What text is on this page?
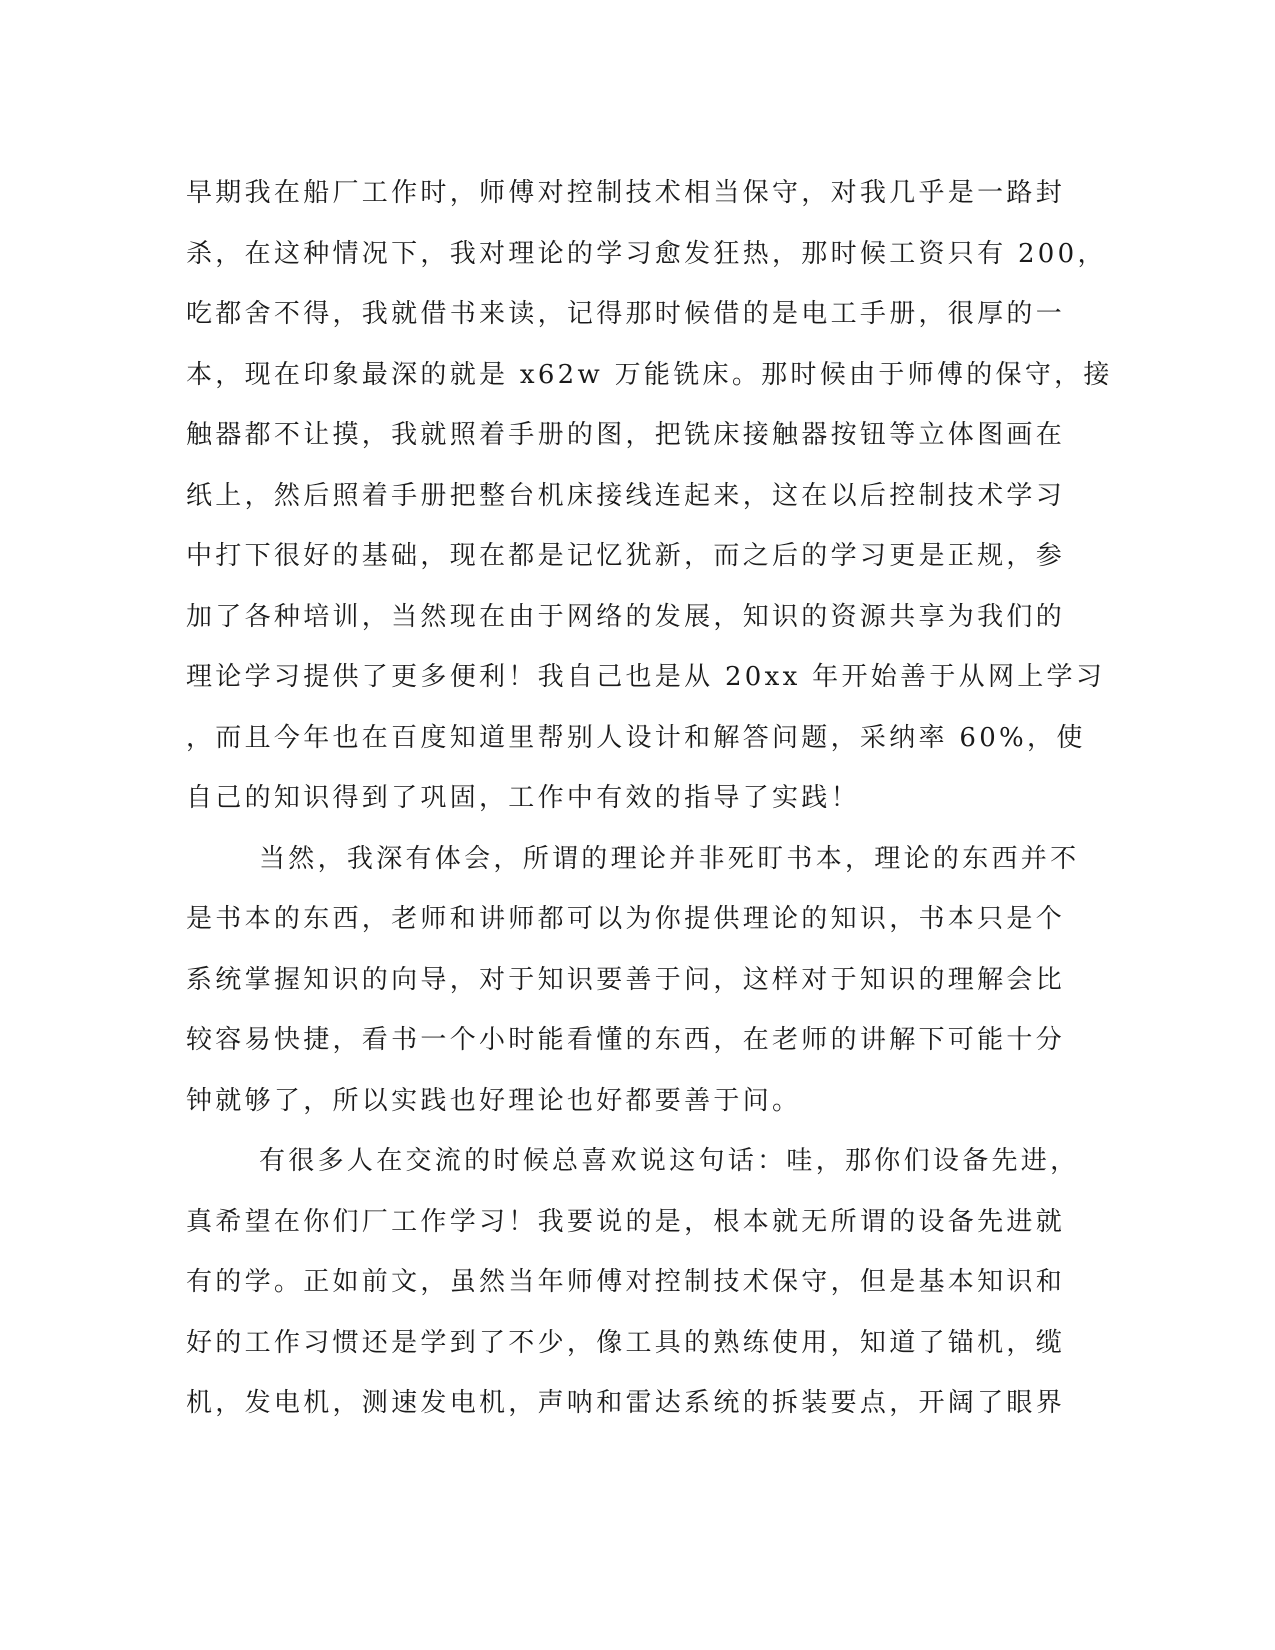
早期我在船厂工作时，师傅对控制技术相当保守，对我几乎是一路封
杀，在这种情况下，我对理论的学习愈发狂热，那时候工资只有 200，
吃都舍不得，我就借书来读，记得那时候借的是电工手册，很厚的一
本，现在印象最深的就是 x62w 万能铣床。那时候由于师傅的保守，接
触器都不让摸，我就照着手册的图，把铣床接触器按钮等立体图画在
纸上，然后照着手册把整台机床接线连起来，这在以后控制技术学习
中打下很好的基础，现在都是记忆犹新，而之后的学习更是正规，参
加了各种培训，当然现在由于网络的发展，知识的资源共享为我们的
理论学习提供了更多便利！我自己也是从 20xx 年开始善于从网上学习
，而且今年也在百度知道里帮别人设计和解答问题，采纳率 60%，使
自己的知识得到了巩固，工作中有效的指导了实践！
当然，我深有体会，所谓的理论并非死盯书本，理论的东西并不
是书本的东西，老师和讲师都可以为你提供理论的知识，书本只是个
系统掌握知识的向导，对于知识要善于问，这样对于知识的理解会比
较容易快捷，看书一个小时能看懂的东西，在老师的讲解下可能十分
钟就够了，所以实践也好理论也好都要善于问。
有很多人在交流的时候总喜欢说这句话：哇，那你们设备先进，
真希望在你们厂工作学习！我要说的是，根本就无所谓的设备先进就
有的学。正如前文，虽然当年师傅对控制技术保守，但是基本知识和
好的工作习惯还是学到了不少，像工具的熟练使用，知道了锚机，缆
机，发电机，测速发电机，声呐和雷达系统的拆装要点，开阔了眼界
